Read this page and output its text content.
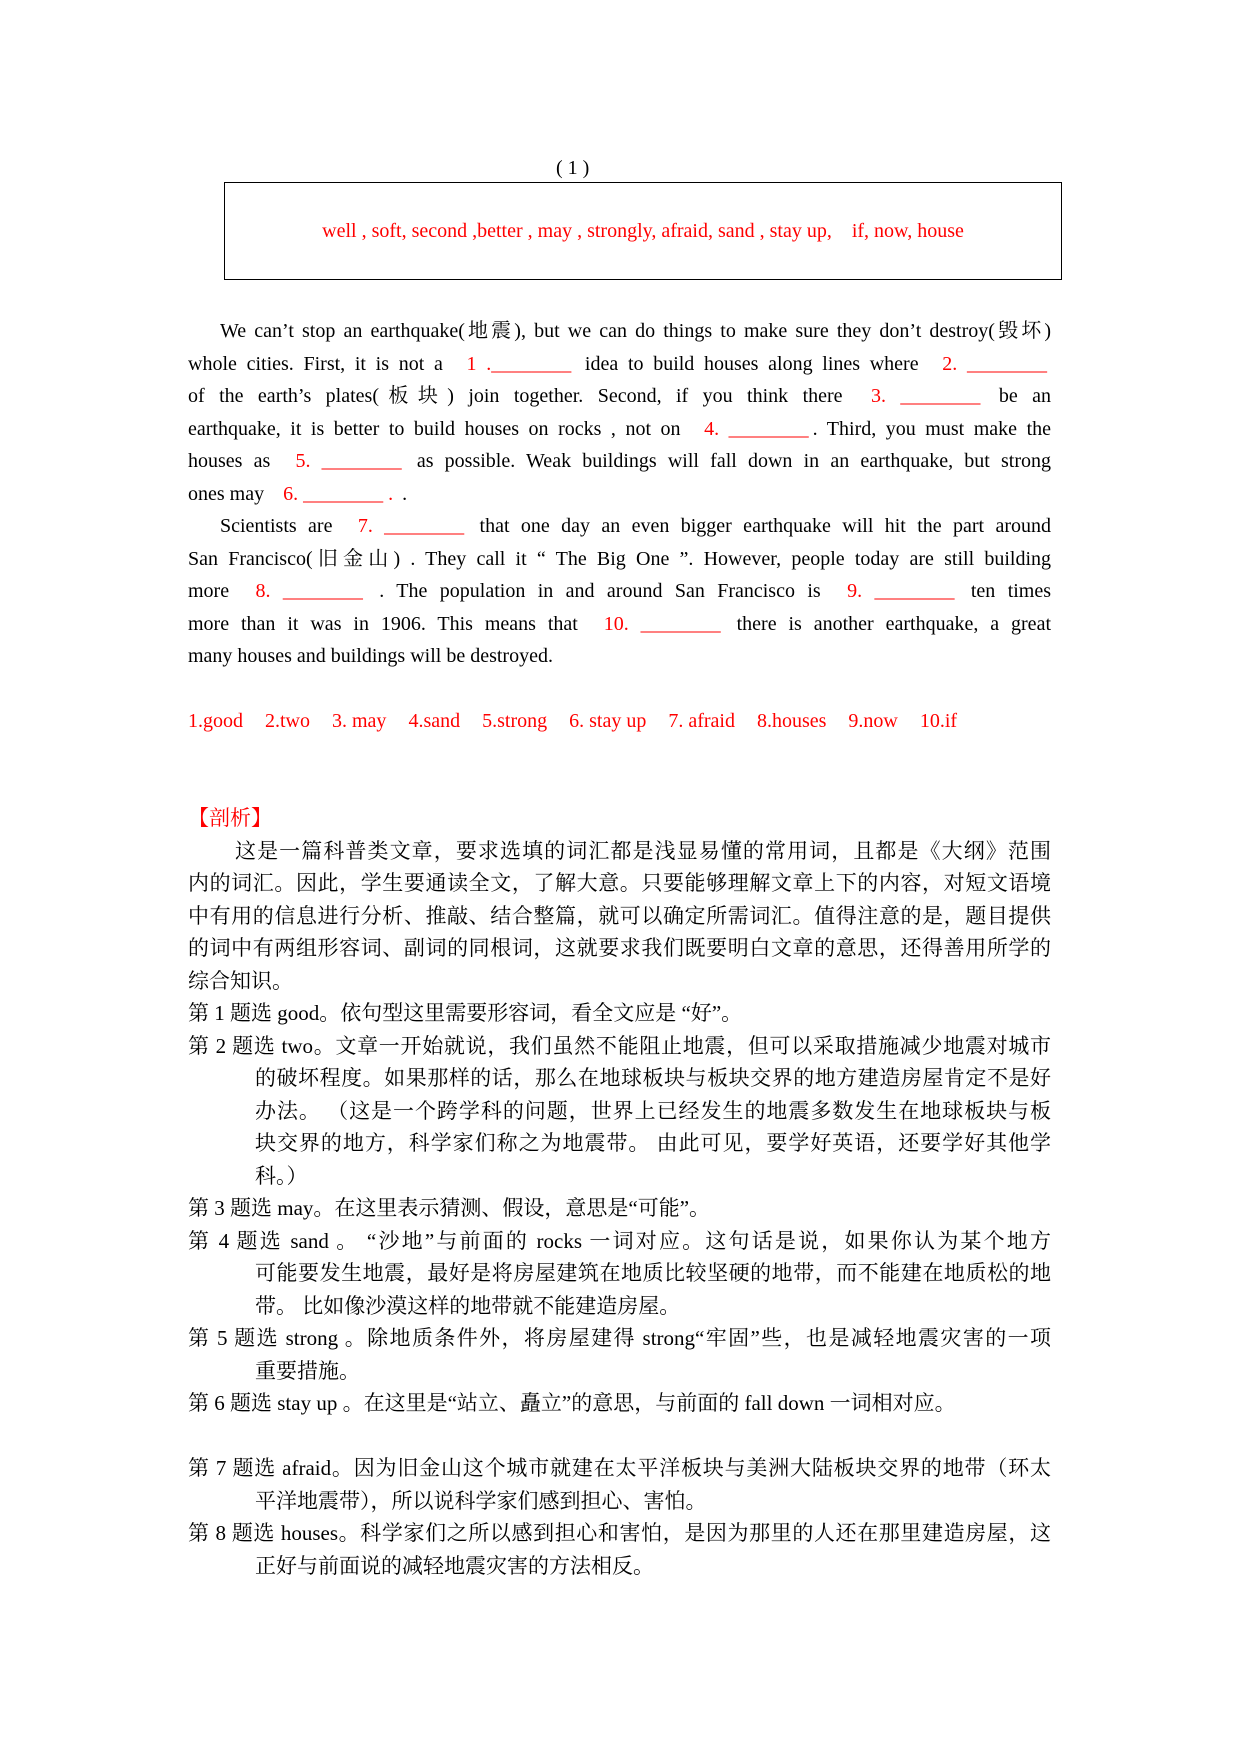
( 1 )
well , soft, second ,better , may , strongly, afraid, sand , stay up,    if, now, house
We can’t stop an earthquake(地震), but we can do things to make sure they don’t destroy(毁坏)
whole cities. First, it is not a 1 .________ idea to build houses along lines where 2. ________
of the earth’s plates(板块) join together. Second, if you think there 3. ________ be an
earthquake, it is better to build houses on rocks , not on 4. ________ . Third, you must make the
houses as 5. ________ as possible. Weak buildings will fall down in an earthquake, but strong
ones may 6. ________ . .
Scientists are 7. ________ that one day an even bigger earthquake will hit the part around
San Francisco(旧金山) . They call it “ The Big One ”. However, people today are still building
more 8. ________ . The population in and around San Francisco is 9. ________ ten times
more than it was in 1906. This means that 10. ________ there is another earthquake, a great
many houses and buildings will be destroyed.
1.good 2.two 3. may 4.sand 5.strong 6. stay up 7. afraid 8.houses 9.now 10.if
【剖析】
这是一篇科普类文章，要求选填的词汇都是浅显易懂的常用词，且都是《大纲》范围
内的词汇。因此，学生要通读全文，了解大意。只要能够理解文章上下的内容，对短文语境
中有用的信息进行分析、推敲、结合整篇，就可以确定所需词汇。值得注意的是，题目提供
的词中有两组形容词、副词的同根词，这就要求我们既要明白文章的意思，还得善用所学的
综合知识。
第 1 题选 good。依句型这里需要形容词，看全文应是 “好”。
第 2 题选 two。文章一开始就说，我们虽然不能阻止地震，但可以采取措施减少地震对城市
的破坏程度。如果那样的话，那么在地球板块与板块交界的地方建造房屋肯定不是好
办法。 （这是一个跨学科的问题，世界上已经发生的地震多数发生在地球板块与板
块交界的地方，科学家们称之为地震带。 由此可见，要学好英语，还要学好其他学
科。）
第 3 题选 may。在这里表示猜测、假设，意思是“可能”。
第 4 题选 sand 。 “沙地”与前面的 rocks 一词对应。这句话是说，如果你认为某个地方
可能要发生地震，最好是将房屋建筑在地质比较坚硬的地带，而不能建在地质松的地
带。 比如像沙漠这样的地带就不能建造房屋。
第 5 题选 strong 。除地质条件外，将房屋建得 strong“牢固”些，也是减轻地震灾害的一项
重要措施。
第 6 题选 stay up 。在这里是“站立、矗立”的意思，与前面的 fall down 一词相对应。
第 7 题选 afraid。因为旧金山这个城市就建在太平洋板块与美洲大陆板块交界的地带（环太
平洋地震带），所以说科学家们感到担心、害怕。
第 8 题选 houses。科学家们之所以感到担心和害怕，是因为那里的人还在那里建造房屋，这
正好与前面说的减轻地震灾害的方法相反。
